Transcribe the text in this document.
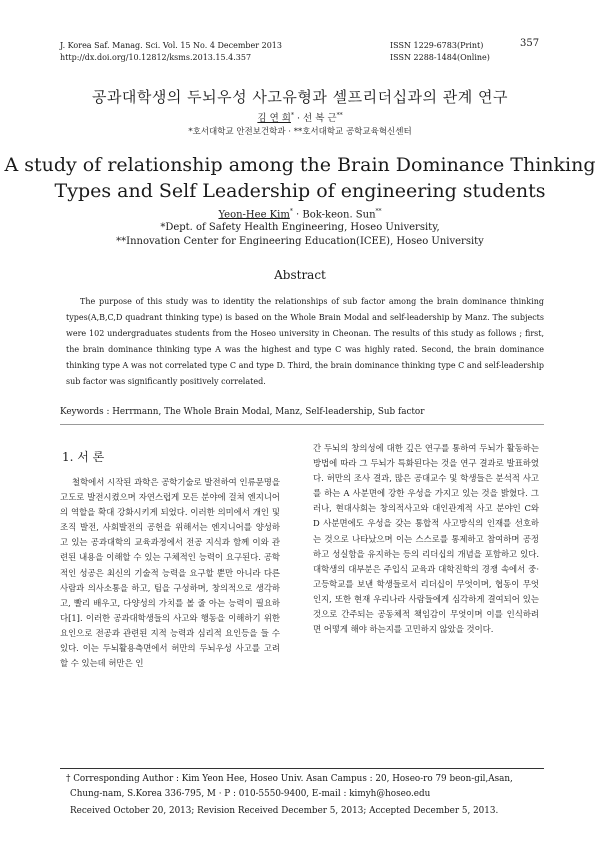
J. Korea Saf. Manag. Sci. Vol. 15 No. 4 December 2013
http://dx.doi.org/10.12812/ksms.2013.15.4.357
ISSN 1229-6783(Print)
ISSN 2288-1484(Online)
357
공과대학생의 두뇌우성 사고유형과 셀프리더십과의 관계 연구
김 연 희* · 선 복 근**
*호서대학교 안전보건학과 · **호서대학교 공학교육혁신센터
A study of relationship among the Brain Dominance Thinking
Types and Self Leadership of engineering students
Yeon-Hee Kim* · Bok-keon. Sun**
*Dept. of Safety Health Engineering, Hoseo University,
**Innovation Center for Engineering Education(ICEE), Hoseo University
Abstract
The purpose of this study was to identity the relationships of sub factor among the brain dominance thinking types(A,B,C,D quadrant thinking type) is based on the Whole Brain Modal and self-leadership by Manz. The subjects were 102 undergraduates students from the Hoseo university in Cheonan. The results of this study as follows ; first, the brain dominance thinking type A was the highest and type C was highly rated. Second, the brain dominance thinking type A was not correlated type C and type D. Third, the brain dominance thinking type C and self-leadership sub factor was significantly positively correlated.
Keywords : Herrmann, The Whole Brain Modal, Manz, Self-leadership, Sub factor
1. 서 론
철학에서 시작된 과학은 공학기술로 발전하여 인류문명을 고도로 발전시켰으며 자연스럽게 모든 분야에 걸쳐 엔지니어의 역할을 확대 강화시키게 되었다. 이러한 의미에서 개인 및 조직 발전, 사회발전의 공헌을 위해서는 엔지니어를 양성하고 있는 공과대학의 교육과정에서 전공 지식과 함께 이와 관련된 내용을 이해할 수 있는 구체적인 능력이 요구된다. 공학적인 성공은 최신의 기술적 능력을 요구할 뿐만 아니라 다른 사람과 의사소통을 하고, 팀을 구성하며, 창의적으로 생각하고, 빨리 배우고, 다양성의 가치를 볼 줄 아는 능력이 필요하다[1]. 이러한 공과대학생들의 사고와 행동을 이해하기 위한 요인으로 전공과 관련된 지적 능력과 심리적 요인등을 들 수 있다. 이는 두뇌활용측면에서 허만의 두뇌우성 사고를 고려할 수 있는데 허만은 인
간 두뇌의 창의성에 대한 깊은 연구를 통하여 두뇌가 활동하는 방법에 따라 그 두뇌가 특화된다는 것을 연구 결과로 발표하였다. 허만의 조사 결과, 많은 공대교수 및 학생들은 분석적 사고를 하는 A 사분면에 강한 우성을 가지고 있는 것을 밝혔다. 그러나, 현대사회는 창의적사고와 대인관계적 사고 분야인 C와 D 사분면에도 우성을 갖는 통합적 사고방식의 인재를 선호하는 것으로 나타났으며 이는 스스로를 통제하고 참여하며 공정하고 성실함을 유지하는 등의 리더십의 개념을 포함하고 있다. 대학생의 대부분은 주입식 교육과 대학진학의 경쟁 속에서 중·고등학교를 보낸 학생들로서 리더십이 무엇이며, 협동이 무엇인지, 또한 현재 우리나라 사람들에게 심각하게 결여되어 있는 것으로 간주되는 공동체적 책임감이 무엇이며 이를 인식하려면 어떻게 해야 하는지를 고민하지 않았을 것이다.
† Corresponding Author : Kim Yeon Hee, Hoseo Univ. Asan Campus : 20, Hoseo-ro 79 beon-gil,Asan,
Chung-nam, S.Korea 336-795, M · P : 010-5550-9400, E-mail : kimyh@hoseo.edu
Received October 20, 2013; Revision Received December 5, 2013; Accepted December 5, 2013.
